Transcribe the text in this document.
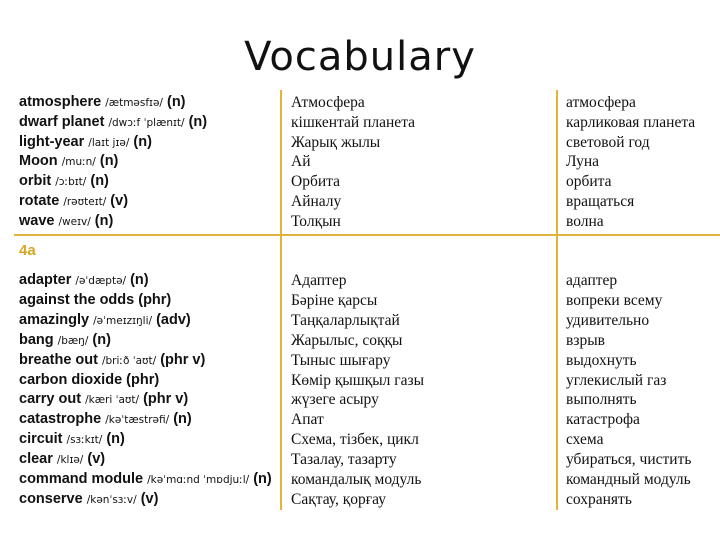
Vocabulary
4a
atmosphere /ætməsfɪə/ (n)	Атмосфера	атмосфера
dwarf planet /dwɔːf ˈplænɪt/ (n)	кішкентай планета	карликовая планета
light-year /laɪt jɪə/ (n)	Жарық жылы	световой год
Moon /muːn/ (n)	Ай	Луна
orbit /ɔːbɪt/ (n)	Орбита	орбита
rotate /rəʊteɪt/ (v)	Айналу	вращаться
wave /weɪv/ (n)	Толқын	волна
adapter /əˈdæptə/ (n)	Адаптер	адаптер
against the odds (phr)	Бәріне қарсы	вопреки всему
amazingly /əˈmeɪzɪŋli/ (adv)	Таңқаларлықтай	удивительно
bang /bæŋ/ (n)	Жарылыс, соққы	взрыв
breathe out /briːð ˈaʊt/ (phr v)	Тыныс шығару	выдохнуть
carbon dioxide (phr)	Көмір қышқыл газы	углекислый газ
carry out /kæri ˈaʊt/ (phr v)	жүзеге асыру	выполнять
catastrophe /kəˈtæstrəfi/ (n)	Апат	катастрофа
circuit /sɜːkɪt/ (n)	Схема, тізбек, цикл	схема
clear /klɪə/ (v)	Тазалау, тазарту	убираться, чистить
command module /kəˈmɑːnd ˈmɒdjuːl/ (n) командалық модуль	командный модуль
conserve /kənˈsɜːv/ (v)	Сақтау, қорғау	сохранять
